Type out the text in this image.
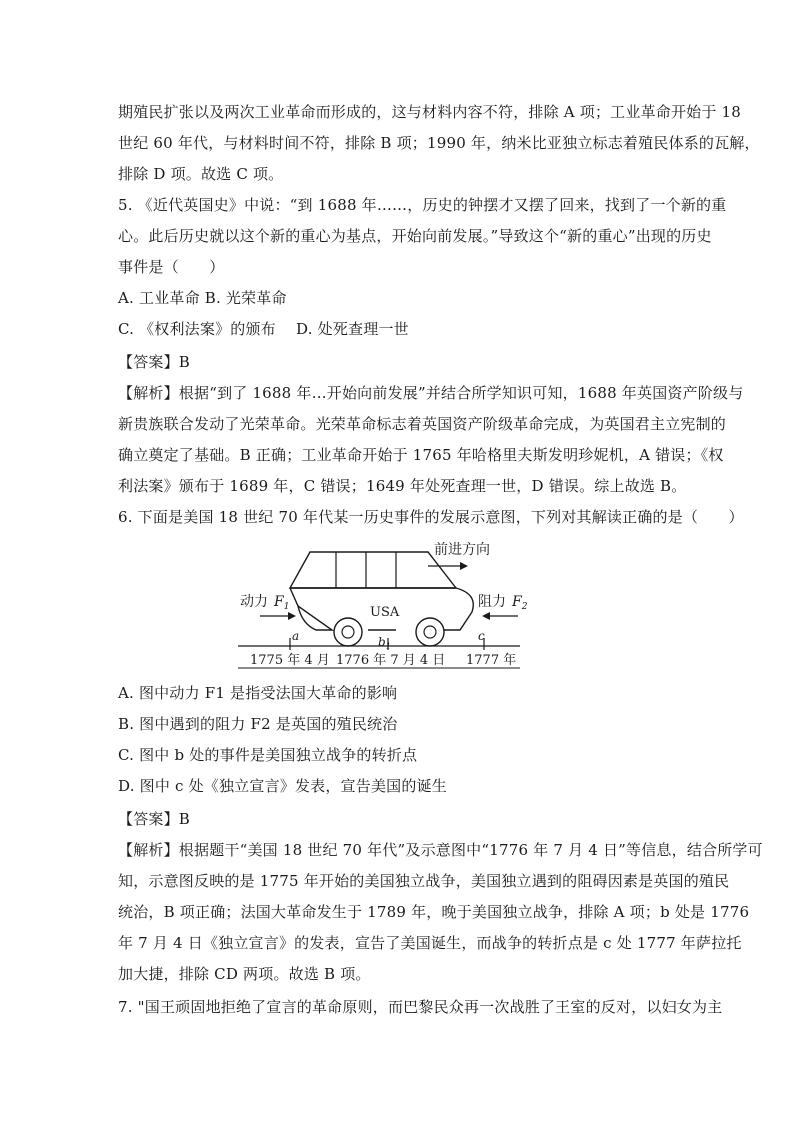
期殖民扩张以及两次工业革命而形成的，这与材料内容不符，排除 A 项；工业革命开始于 18
世纪 60 年代，与材料时间不符，排除 B 项；1990 年，纳米比亚独立标志着殖民体系的瓦解，
排除 D 项。故选 C 项。
5. 《近代英国史》中说：“到 1688 年……，历史的钟摆才又摆了回来，找到了一个新的重
心。此后历史就以这个新的重心为基点，开始向前发展。”导致这个“新的重心”出现的历史
事件是（　　）
A. 工业革命 B. 光荣革命
C. 《权利法案》的颁布　 D. 处死查理一世
【答案】B
【解析】根据“到了 1688 年…开始向前发展”并结合所学知识可知，1688 年英国资产阶级与
新贵族联合发动了光荣革命。光荣革命标志着英国资产阶级革命完成，为英国君主立宪制的
确立奠定了基础。B 正确；工业革命开始于 1765 年哈格里夫斯发明珍妮机，A 错误；《权
利法案》颁布于 1689 年，C 错误；1649 年处死查理一世，D 错误。综上故选 B。
6. 下面是美国 18 世纪 70 年代某一历史事件的发展示意图，下列对其解读正确的是（　　）
A. 图中动力 F1 是指受法国大革命的影响
B. 图中遇到的阻力 F2 是英国的殖民统治
C. 图中 b 处的事件是美国独立战争的转折点
D. 图中 c 处《独立宣言》发表，宣告美国的诞生
【答案】B
【解析】根据题干“美国 18 世纪 70 年代”及示意图中“1776 年 7 月 4 日”等信息，结合所学可
知，示意图反映的是 1775 年开始的美国独立战争，美国独立遇到的阻碍因素是英国的殖民
统治，B 项正确；法国大革命发生于 1789 年，晚于美国独立战争，排除 A 项；b 处是 1776
年 7 月 4 日《独立宣言》的发表，宣告了美国诞生，而战争的转折点是 c 处 1777 年萨拉托
加大捷，排除 CD 两项。故选 B 项。
7. "国王顽固地拒绝了宣言的革命原则，而巴黎民众再一次战胜了王室的反对，以妇女为主
前进方向
动力 $F_1$	阻力 $F_2$
USA
a	$b_1$
c
1775 年 4 月 1776 年 7 月 4 日 1777 年
